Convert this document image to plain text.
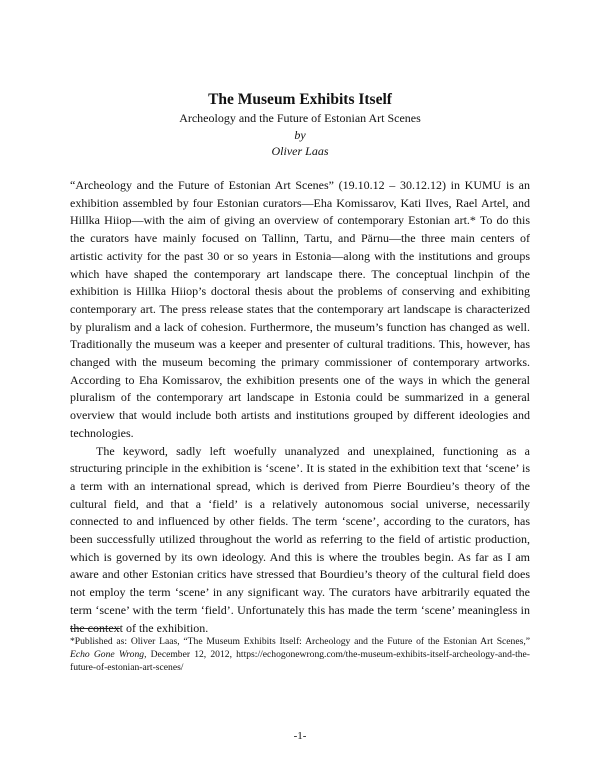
The Museum Exhibits Itself
Archeology and the Future of Estonian Art Scenes
by
Oliver Laas

“Archeology and the Future of Estonian Art Scenes” (19.10.12 – 30.12.12) in KUMU is an exhibition assembled by four Estonian curators—Eha Komissarov, Kati Ilves, Rael Artel, and Hillka Hiiop—with the aim of giving an overview of contemporary Estonian art.* To do this the curators have mainly focused on Tallinn, Tartu, and Pärnu—the three main centers of artistic activity for the past 30 or so years in Estonia—along with the institutions and groups which have shaped the contemporary art landscape there. The conceptual linchpin of the exhibition is Hillka Hiiop’s doctoral thesis about the problems of conserving and exhibiting contemporary art. The press release states that the contemporary art landscape is characterized by pluralism and a lack of cohesion. Furthermore, the museum’s function has changed as well. Traditionally the museum was a keeper and presenter of cultural traditions. This, however, has changed with the museum becoming the primary commissioner of contemporary artworks. According to Eha Komissarov, the exhibition presents one of the ways in which the general pluralism of the contemporary art landscape in Estonia could be summarized in a general overview that would include both artists and institutions grouped by different ideologies and technologies.

The keyword, sadly left woefully unanalyzed and unexplained, functioning as a structuring principle in the exhibition is ‘scene’. It is stated in the exhibition text that ‘scene’ is a term with an international spread, which is derived from Pierre Bourdieu’s theory of the cultural field, and that a ‘field’ is a relatively autonomous social universe, necessarily connected to and influenced by other fields. The term ‘scene’, according to the curators, has been successfully utilized throughout the world as referring to the field of artistic production, which is governed by its own ideology. And this is where the troubles begin. As far as I am aware and other Estonian critics have stressed that Bourdieu’s theory of the cultural field does not employ the term ‘scene’ in any significant way. The curators have arbitrarily equated the term ‘scene’ with the term ‘field’. Unfortunately this has made the term ‘scene’ meaningless in the context of the exhibition.

*Published as: Oliver Laas, “The Museum Exhibits Itself: Archeology and the Future of the Estonian Art Scenes,” Echo Gone Wrong, December 12, 2012, https://echogonewrong.com/the-museum-exhibits-itself-archeology-and-the-future-of-estonian-art-scenes/
-1-
